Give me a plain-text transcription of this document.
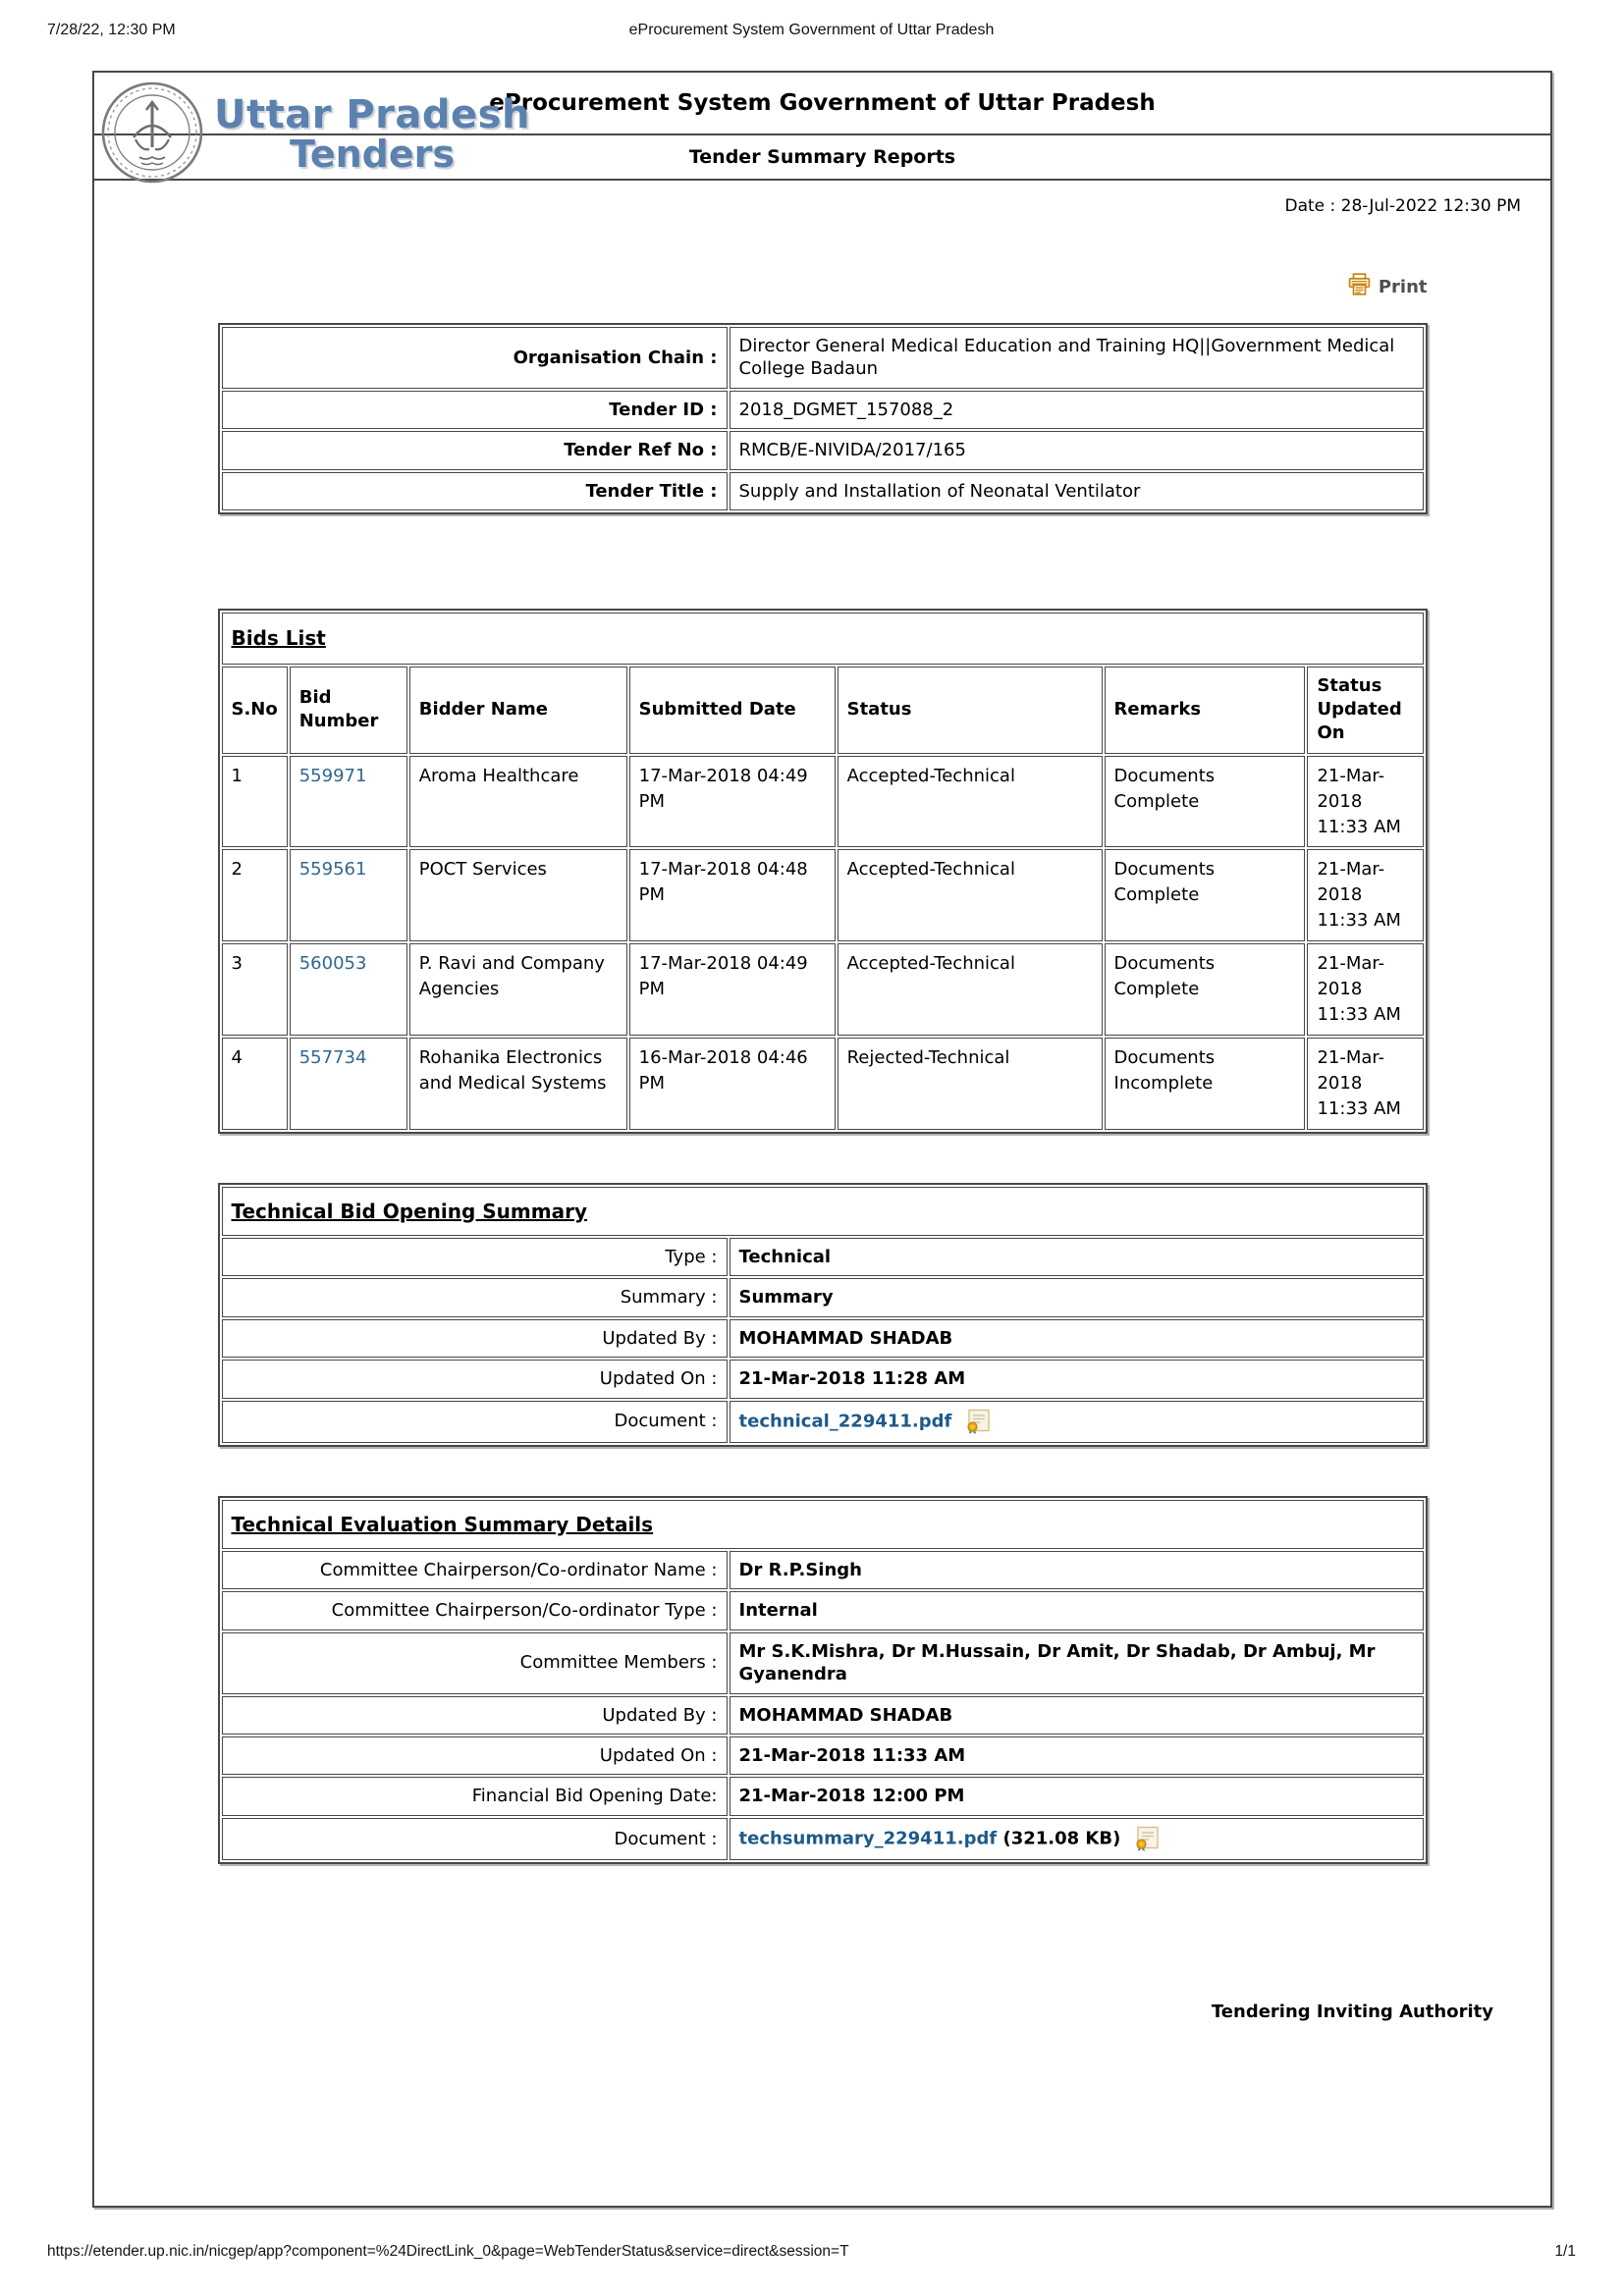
7/28/22, 12:30 PM	eProcurement System Government of Uttar Pradesh
Uttar Pradesh
Tenders
eProcurement System Government of Uttar Pradesh
Tender Summary Reports
Date : 28-Jul-2022 12:30 PM
Print
Organisation Chain :	Director General Medical Education and Training HQ||Government Medical College Badaun
Tender ID :	2018_DGMET_157088_2
Tender Ref No :	RMCB/E-NIVIDA/2017/165
Tender Title :	Supply and Installation of Neonatal Ventilator
Bids List						
S.No	Bid Number	Bidder Name	Submitted Date	Status	Remarks	Status Updated On
1	559971	Aroma Healthcare	17-Mar-2018 04:49 PM	Accepted-Technical	Documents Complete	21-Mar-2018 11:33 AM
2	559561	POCT Services	17-Mar-2018 04:48 PM	Accepted-Technical	Documents Complete	21-Mar-2018 11:33 AM
3	560053	P. Ravi and Company Agencies	17-Mar-2018 04:49 PM	Accepted-Technical	Documents Complete	21-Mar-2018 11:33 AM
4	557734	Rohanika Electronics and Medical Systems	16-Mar-2018 04:46 PM	Rejected-Technical	Documents Incomplete	21-Mar-2018 11:33 AM
Technical Bid Opening Summary	
Type :	Technical
Summary :	Summary
Updated By :	MOHAMMAD SHADAB
Updated On :	21-Mar-2018 11:28 AM
Document :	technical_229411.pdf
Technical Evaluation Summary Details	
Committee Chairperson/Co-ordinator Name :	Dr R.P.Singh
Committee Chairperson/Co-ordinator Type :	Internal
Committee Members :	Mr S.K.Mishra, Dr M.Hussain, Dr Amit, Dr Shadab, Dr Ambuj, Mr Gyanendra
Updated By :	MOHAMMAD SHADAB
Updated On :	21-Mar-2018 11:33 AM
Financial Bid Opening Date:	21-Mar-2018 12:00 PM
Document :	techsummary_229411.pdf (321.08 KB)
Tendering Inviting Authority
https://etender.up.nic.in/nicgep/app?component=%24DirectLink_0&page=WebTenderStatus&service=direct&session=T	1/1
